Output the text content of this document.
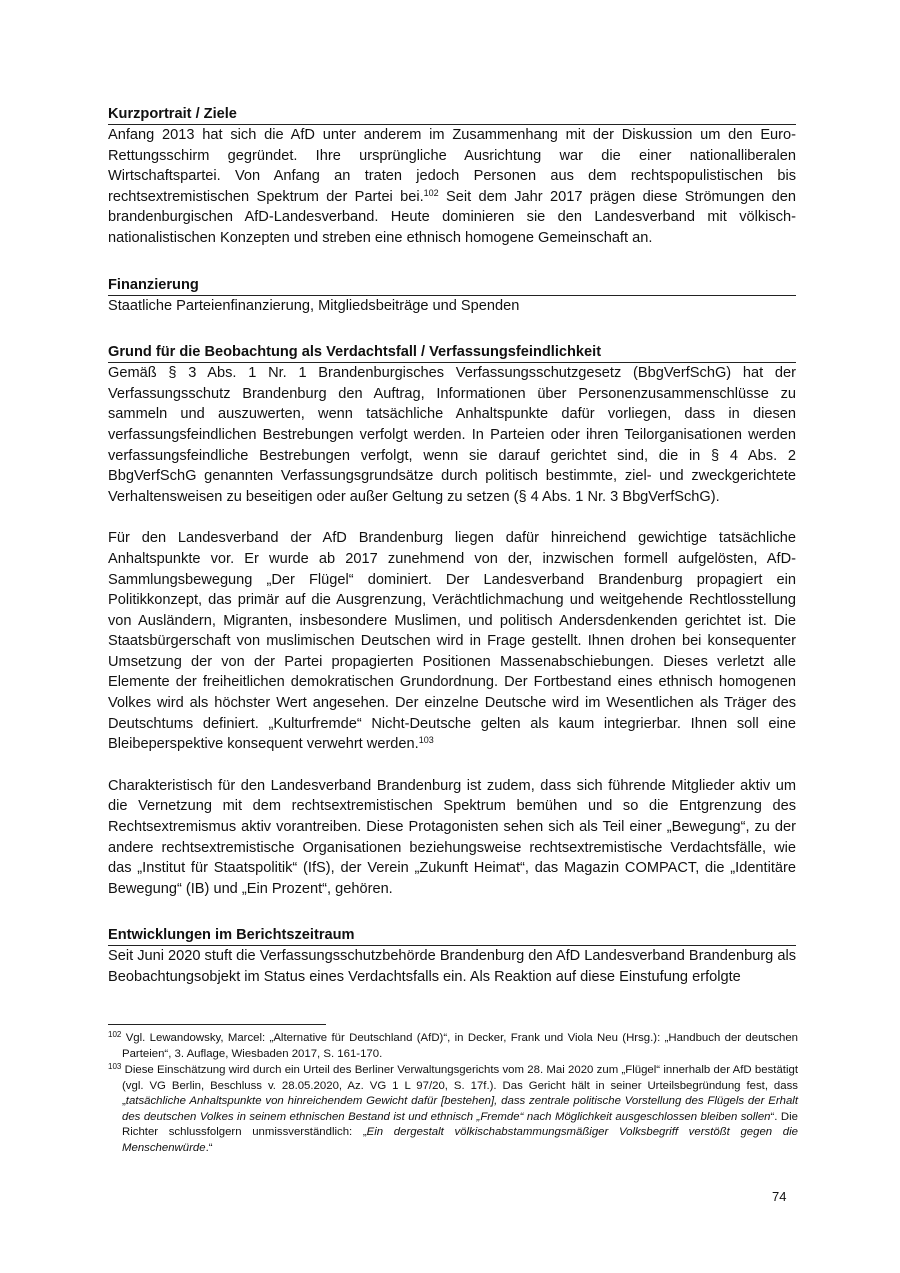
Kurzportrait / Ziele

Anfang 2013 hat sich die AfD unter anderem im Zusammenhang mit der Diskussion um den Euro-Rettungsschirm gegründet. Ihre ursprüngliche Ausrichtung war die einer nationalliberalen Wirtschaftspartei. Von Anfang an traten jedoch Personen aus dem rechtspopulistischen bis rechtsextremistischen Spektrum der Partei bei.$^{102}$ Seit dem Jahr 2017 prägen diese Strömungen den brandenburgischen AfD-Landesverband. Heute dominieren sie den Landesverband mit völkisch-nationalistischen Konzepten und streben eine ethnisch homogene Gemeinschaft an.

Finanzierung

Staatliche Parteienfinanzierung, Mitgliedsbeiträge und Spenden

Grund für die Beobachtung als Verdachtsfall / Verfassungsfeindlichkeit

Gemäß § 3 Abs. 1 Nr. 1 Brandenburgisches Verfassungsschutzgesetz (BbgVerfSchG) hat der Verfassungsschutz Brandenburg den Auftrag, Informationen über Personenzusammenschlüsse zu sammeln und auszuwerten, wenn tatsächliche Anhaltspunkte dafür vorliegen, dass in diesen verfassungsfeindlichen Bestrebungen verfolgt werden. In Parteien oder ihren Teilorganisationen werden verfassungsfeindliche Bestrebungen verfolgt, wenn sie darauf gerichtet sind, die in § 4 Abs. 2 BbgVerfSchG genannten Verfassungsgrundsätze durch politisch bestimmte, ziel- und zweckgerichtete Verhaltensweisen zu beseitigen oder außer Geltung zu setzen (§ 4 Abs. 1 Nr. 3 BbgVerfSchG).

Für den Landesverband der AfD Brandenburg liegen dafür hinreichend gewichtige tatsächliche Anhaltspunkte vor. Er wurde ab 2017 zunehmend von der, inzwischen formell aufgelösten, AfD-Sammlungsbewegung „Der Flügel“ dominiert. Der Landesverband Brandenburg propagiert ein Politikkonzept, das primär auf die Ausgrenzung, Verächtlichmachung und weitgehende Rechtlosstellung von Ausländern, Migranten, insbesondere Muslimen, und politisch Andersdenkenden gerichtet ist. Die Staatsbürgerschaft von muslimischen Deutschen wird in Frage gestellt. Ihnen drohen bei konsequenter Umsetzung der von der Partei propagierten Positionen Massenabschiebungen. Dieses verletzt alle Elemente der freiheitlichen demokratischen Grundordnung. Der Fortbestand eines ethnisch homogenen Volkes wird als höchster Wert angesehen. Der einzelne Deutsche wird im Wesentlichen als Träger des Deutschtums definiert. „Kulturfremde“ Nicht-Deutsche gelten als kaum integrierbar. Ihnen soll eine Bleibeperspektive konsequent verwehrt werden.$^{103}$

Charakteristisch für den Landesverband Brandenburg ist zudem, dass sich führende Mitglieder aktiv um die Vernetzung mit dem rechtsextremistischen Spektrum bemühen und so die Entgrenzung des Rechtsextremismus aktiv vorantreiben. Diese Protagonisten sehen sich als Teil einer „Bewegung“, zu der andere rechtsextremistische Organisationen beziehungsweise rechtsextremistische Verdachtsfälle, wie das „Institut für Staatspolitik“ (IfS), der Verein „Zukunft Heimat“, das Magazin COMPACT, die „Identitäre Bewegung“ (IB) und „Ein Prozent“, gehören.

Entwicklungen im Berichtszeitraum

Seit Juni 2020 stuft die Verfassungsschutzbehörde Brandenburg den AfD Landesverband Brandenburg als Beobachtungsobjekt im Status eines Verdachtsfalls ein. Als Reaktion auf diese Einstufung erfolgte

$^{102}$ Vgl. Lewandowsky, Marcel: „Alternative für Deutschland (AfD)“, in Decker, Frank und Viola Neu (Hrsg.): „Handbuch der deutschen Parteien“, 3. Auflage, Wiesbaden 2017, S. 161-170.

$^{103}$ Diese Einschätzung wird durch ein Urteil des Berliner Verwaltungsgerichts vom 28. Mai 2020 zum „Flügel“ innerhalb der AfD bestätigt (vgl. VG Berlin, Beschluss v. 28.05.2020, Az. VG 1 L 97/20, S. 17f.). Das Gericht hält in seiner Urteilsbegründung fest, dass „tatsächliche Anhaltspunkte von hinreichendem Gewicht dafür [bestehen], dass zentrale politische Vorstellung des Flügels der Erhalt des deutschen Volkes in seinem ethnischen Bestand ist und ethnisch „Fremde“ nach Möglichkeit ausgeschlossen bleiben sollen“. Die Richter schlussfolgern unmissverständlich: „Ein dergestalt völkischabstammungsmäßiger Volksbegriff verstößt gegen die Menschenwürde.“

74
